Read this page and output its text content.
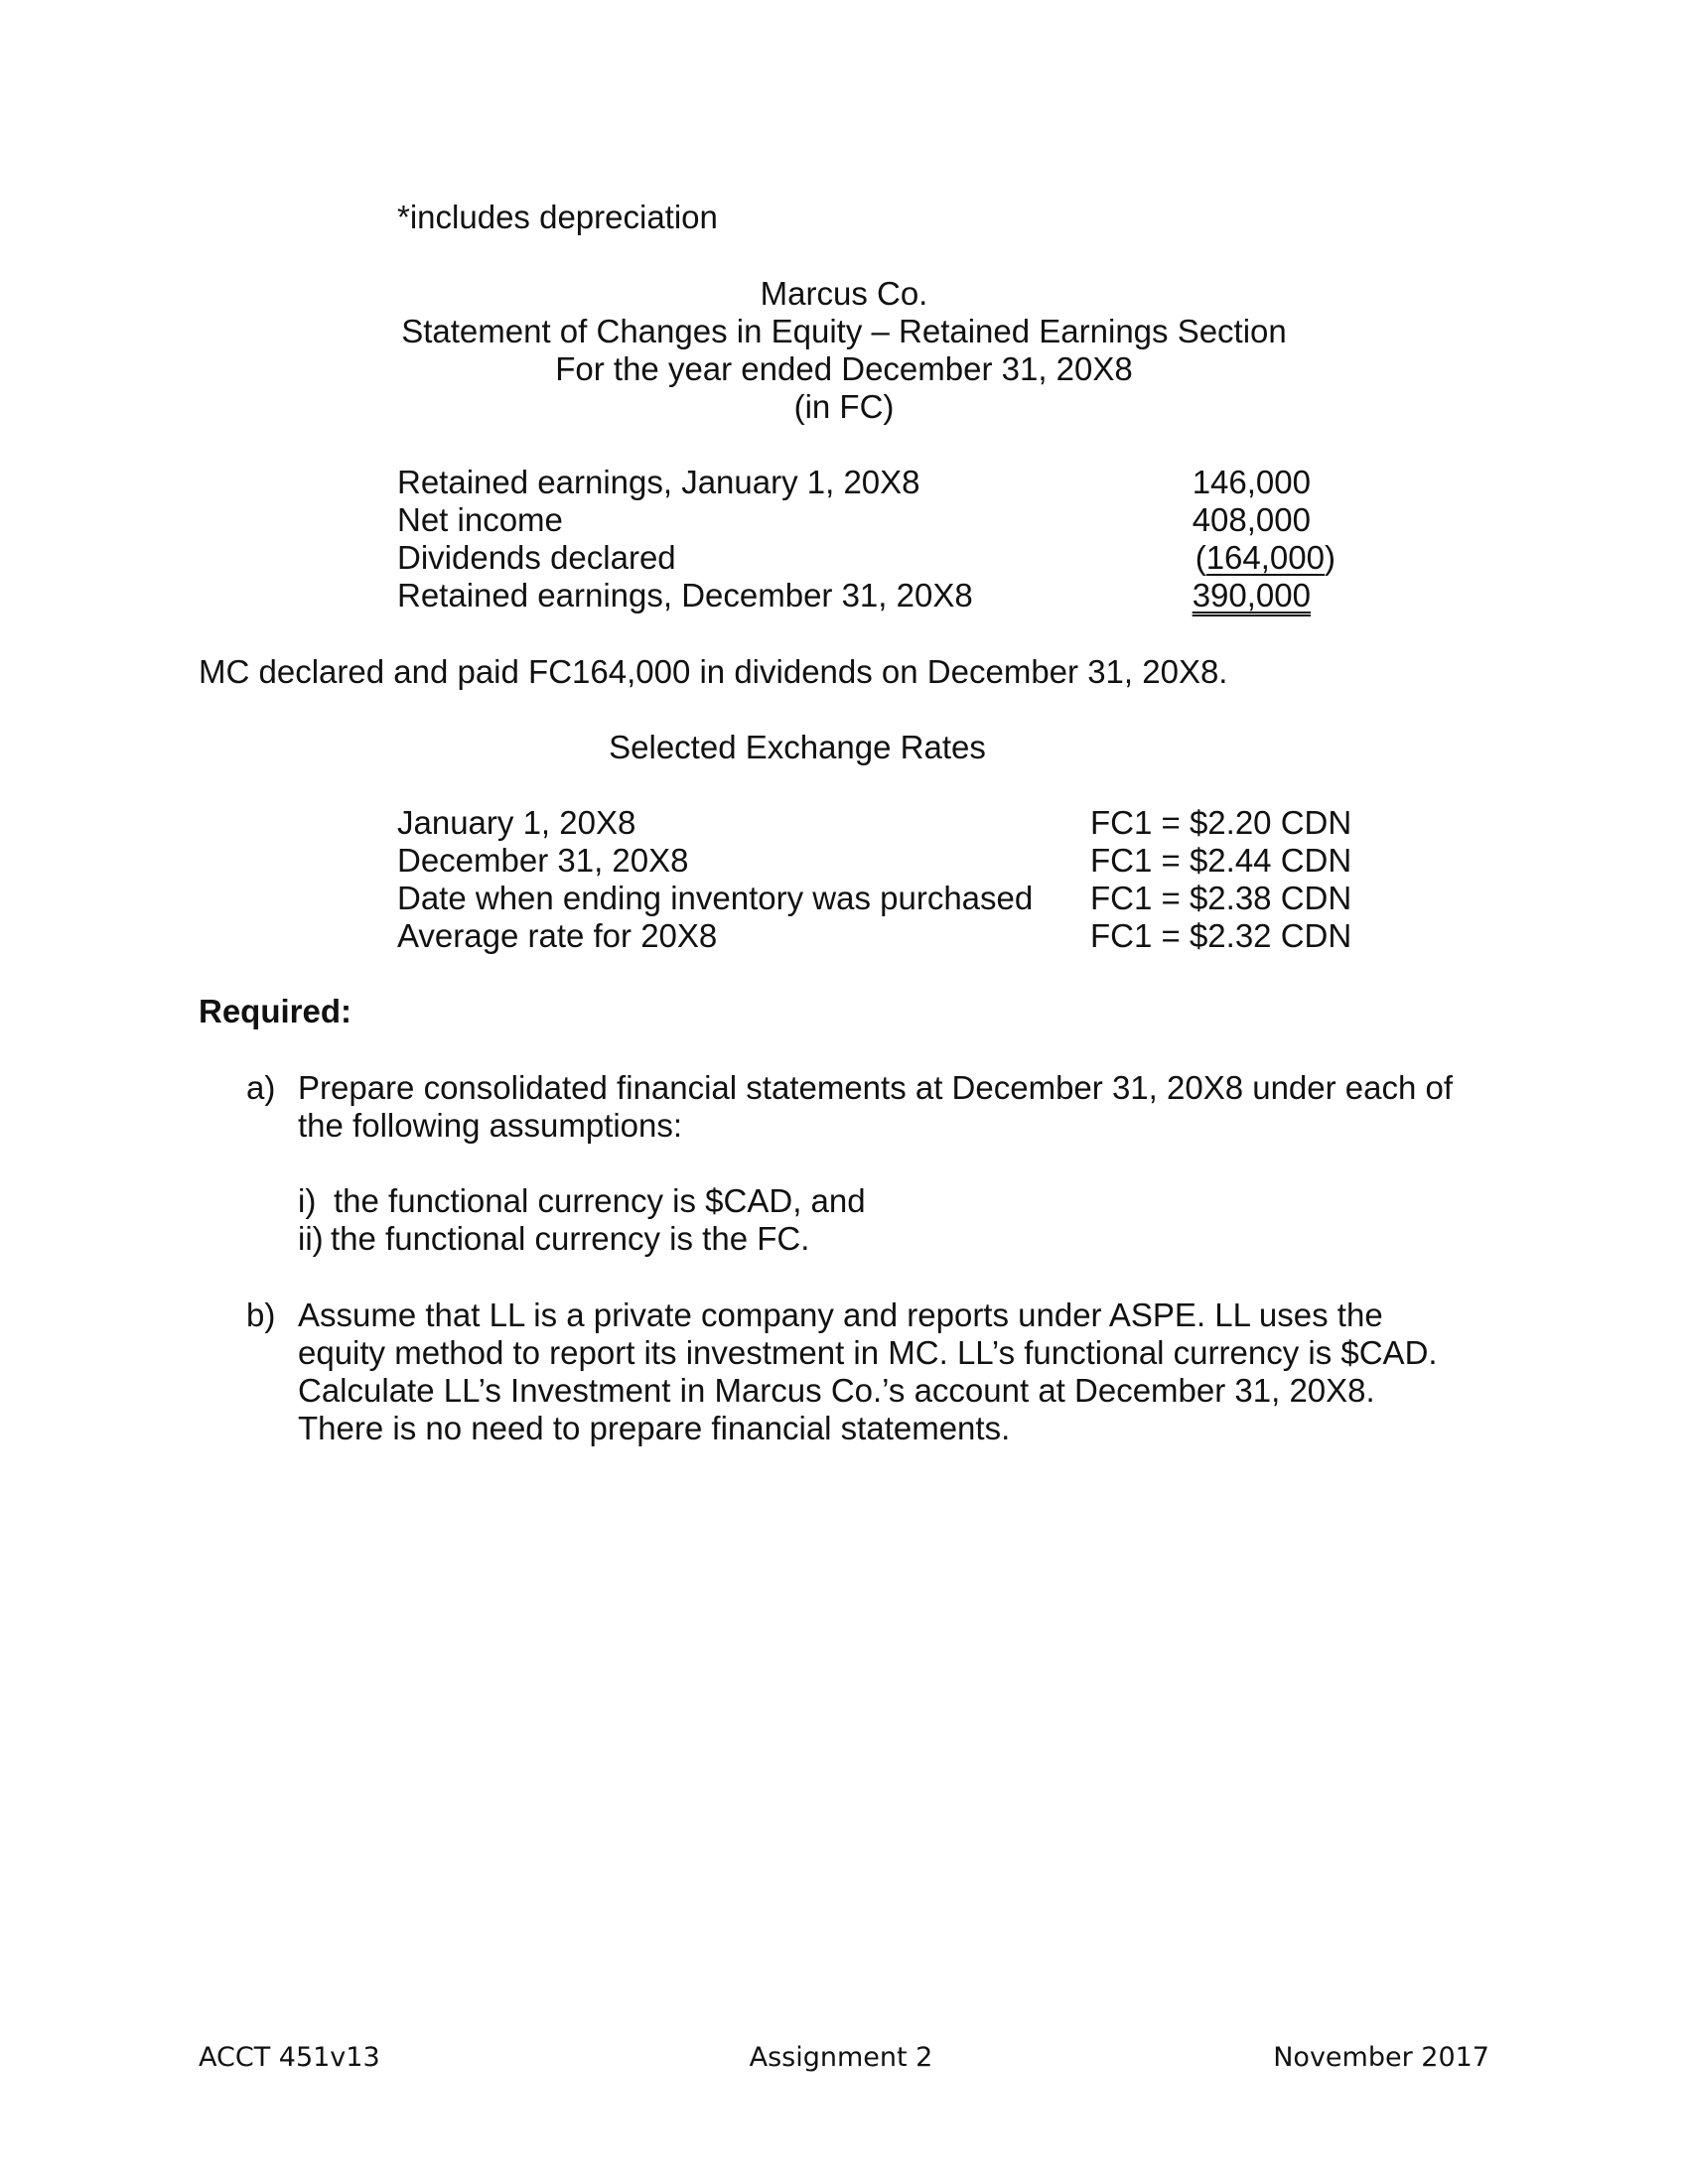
*includes depreciation
Marcus Co.
Statement of Changes in Equity – Retained Earnings Section
For the year ended December 31, 20X8
(in FC)
Retained earnings, January 1, 20X8	146,000
Net income	408,000
Dividends declared	(164,000)
Retained earnings, December 31, 20X8	390,000
MC declared and paid FC164,000 in dividends on December 31, 20X8.
Selected Exchange Rates
January 1, 20X8	FC1 = $2.20 CDN
December 31, 20X8	FC1 = $2.44 CDN
Date when ending inventory was purchased FC1 = $2.38 CDN
Average rate for 20X8	FC1 = $2.32 CDN
Required:
a) Prepare consolidated financial statements at December 31, 20X8 under each of
the following assumptions:
i) the functional currency is $CAD, and
ii) the functional currency is the FC.
b) Assume that LL is a private company and reports under ASPE. LL uses the
equity method to report its investment in MC. LL’s functional currency is $CAD.
Calculate LL’s Investment in Marcus Co.’s account at December 31, 20X8.
There is no need to prepare financial statements.
ACCT 451v13	Assignment 2	November 2017
